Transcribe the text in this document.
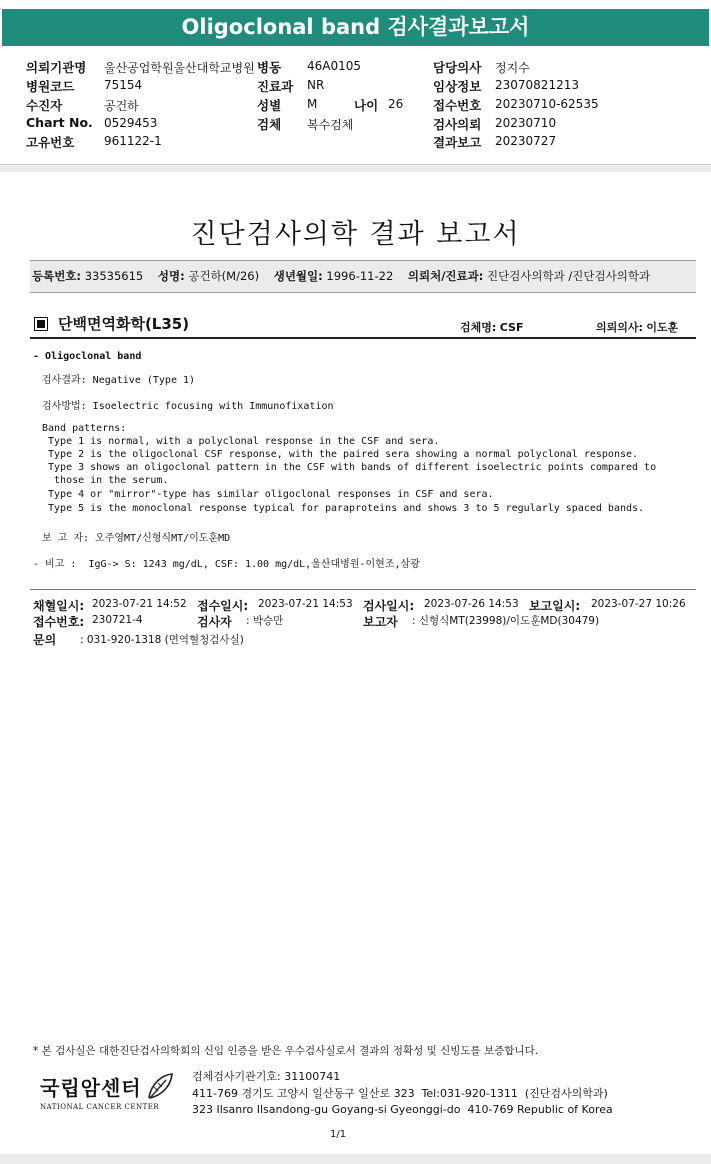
Oligoclonal band 검사결과보고서
의뢰기관명 울산공업학원울산대학교병원 병동 46A0105	담당의사 정지수
병원코드 75154	진료과 NR	임상정보 23070821213
수진자	공건하	성별 M	나이 26 접수번호 20230710-62535
Chart No. 0529453	검체 복수검체	검사의뢰 20230710
고유번호 961122-1	결과보고 20230727
진단검사의학 결과 보고서
등록번호: 33535615 성명: 공건하(M/26) 생년월일: 1996-11-22 의뢰처/진료과: 진단검사의학과 /진단검사의학과
단백면역화학(L35)	검체명: CSF	의뢰의사: 이도훈
- Oligoclonal band
검사결과: Negative (Type 1)
검사방법: Isoelectric focusing with Immunofixation
Band patterns:
Type 1 is normal, with a polyclonal response in the CSF and sera.
Type 2 is the oligoclonal CSF response, with the paired sera showing a normal polyclonal response.
Type 3 shows an oligoclonal pattern in the CSF with bands of different isoelectric points compared to
those in the serum.
Type 4 or "mirror"-type has similar oligoclonal responses in CSF and sera.
Type 5 is the monoclonal response typical for paraproteins and shows 3 to 5 regularly spaced bands.
보 고 자: 오주영MT/신형식MT/이도훈MD
- 비고 :  IgG-> S: 1243 mg/dL, CSF: 1.00 mg/dL,울산대병원-이현조,삼광
채혈일시: 2023-07-21 14:52 접수일시: 2023-07-21 14:53 검사일시: 2023-07-26 14:53 보고일시: 2023-07-27 10:26
접수번호: 230721-4	검사자 : 박승만	보고자 : 신형식MT(23998)/이도훈MD(30479)
문의 : 031-920-1318 (면역혈청검사실)
* 본 검사실은 대한진단검사의학회의 신임 인증을 받은 우수검사실로서 결과의 정확성 및 신빙도를 보증합니다.
국립암센터
NATIONAL CANCER CENTER
검체검사기관기호: 31100741
411-769 경기도 고양시 일산동구 일산로 323  Tel:031-920-1311  (진단검사의학과)
323 Ilsanro Ilsandong-gu Goyang-si Gyeonggi-do  410-769 Republic of Korea
1/1
